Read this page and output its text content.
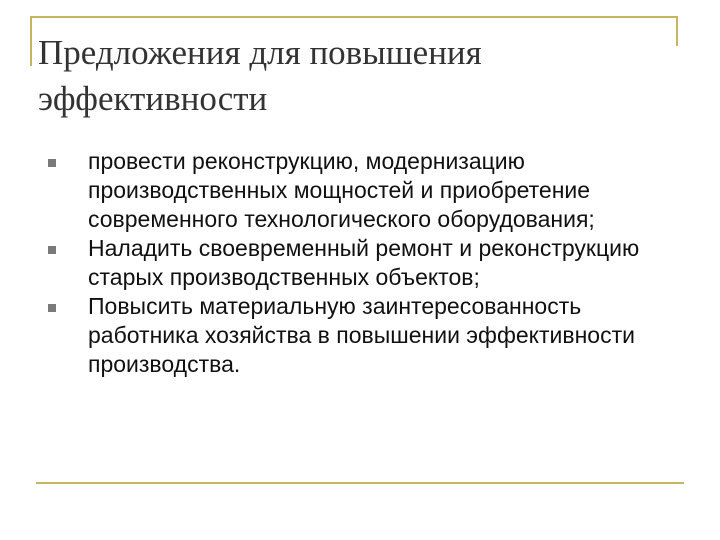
Предложения для повышения эффективности
провести реконструкцию, модернизацию производственных мощностей и приобретение современного технологического оборудования;
Наладить своевременный ремонт и реконструкцию старых производственных объектов;
Повысить материальную заинтересованность работника хозяйства в повышении эффективности производства.
